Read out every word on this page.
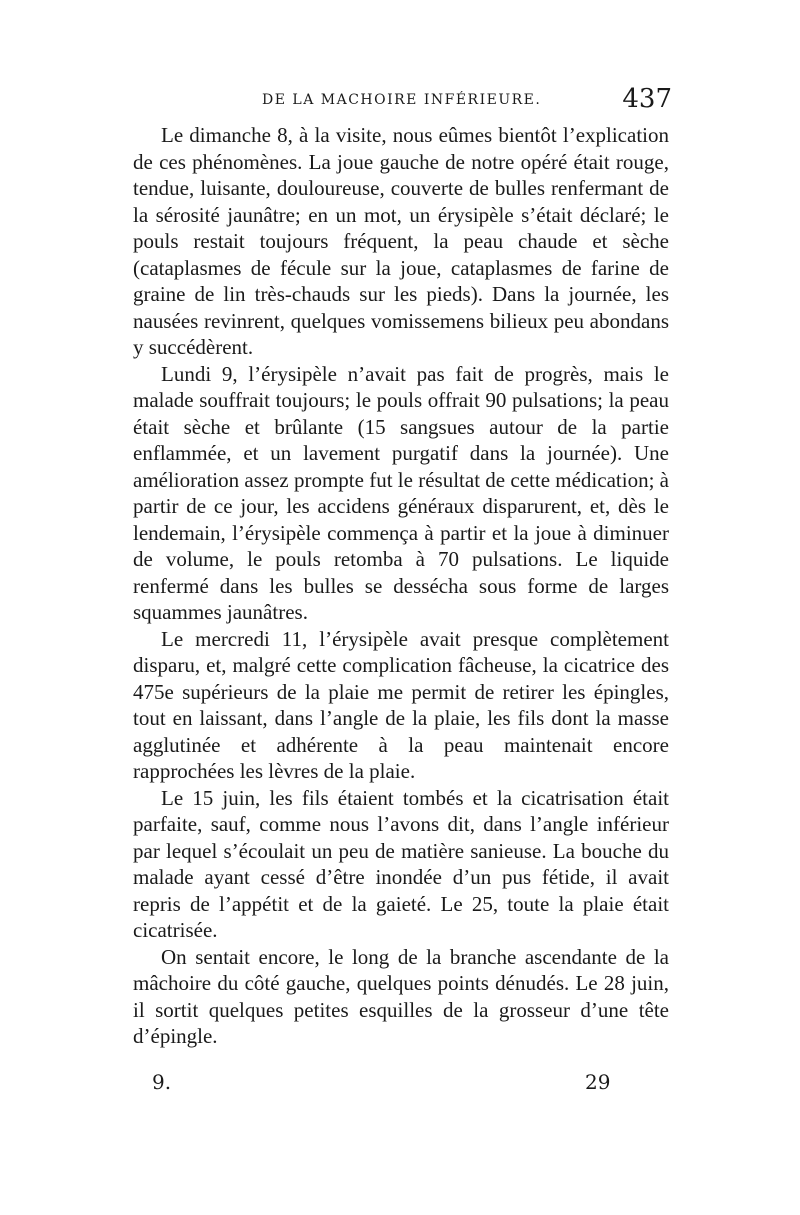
DE LA MACHOIRE INFÉRIEURE.	437

Le dimanche 8, à la visite, nous eûmes bientôt l’explication de ces phénomènes. La joue gauche de notre opéré était rouge, tendue, luisante, douloureuse, couverte de bulles renfermant de la sérosité jaunâtre; en un mot, un érysipèle s’était déclaré; le pouls restait toujours fréquent, la peau chaude et sèche (cataplasmes de fécule sur la joue, cataplasmes de farine de graine de lin très-chauds sur les pieds). Dans la journée, les nausées revinrent, quelques vomissemens bilieux peu abondans y succédèrent.

Lundi 9, l’érysipèle n’avait pas fait de progrès, mais le malade souffrait toujours; le pouls offrait 90 pulsations; la peau était sèche et brûlante (15 sangsues autour de la partie enflammée, et un lavement purgatif dans la journée). Une amélioration assez prompte fut le résultat de cette médication; à partir de ce jour, les accidens généraux disparurent, et, dès le lendemain, l’érysipèle commença à partir et la joue à diminuer de volume, le pouls retomba à 70 pulsations. Le liquide renfermé dans les bulles se dessécha sous forme de larges squammes jaunâtres.

Le mercredi 11, l’érysipèle avait presque complètement disparu, et, malgré cette complication fâcheuse, la cicatrice des 475e supérieurs de la plaie me permit de retirer les épingles, tout en laissant, dans l’angle de la plaie, les fils dont la masse agglutinée et adhérente à la peau maintenait encore rapprochées les lèvres de la plaie.

Le 15 juin, les fils étaient tombés et la cicatrisation était parfaite, sauf, comme nous l’avons dit, dans l’angle inférieur par lequel s’écoulait un peu de matière sanieuse. La bouche du malade ayant cessé d’être inondée d’un pus fétide, il avait repris de l’appétit et de la gaieté. Le 25, toute la plaie était cicatrisée.

On sentait encore, le long de la branche ascendante de la mâchoire du côté gauche, quelques points dénudés. Le 28 juin, il sortit quelques petites esquilles de la grosseur d’une tête d’épingle.

9.	29
